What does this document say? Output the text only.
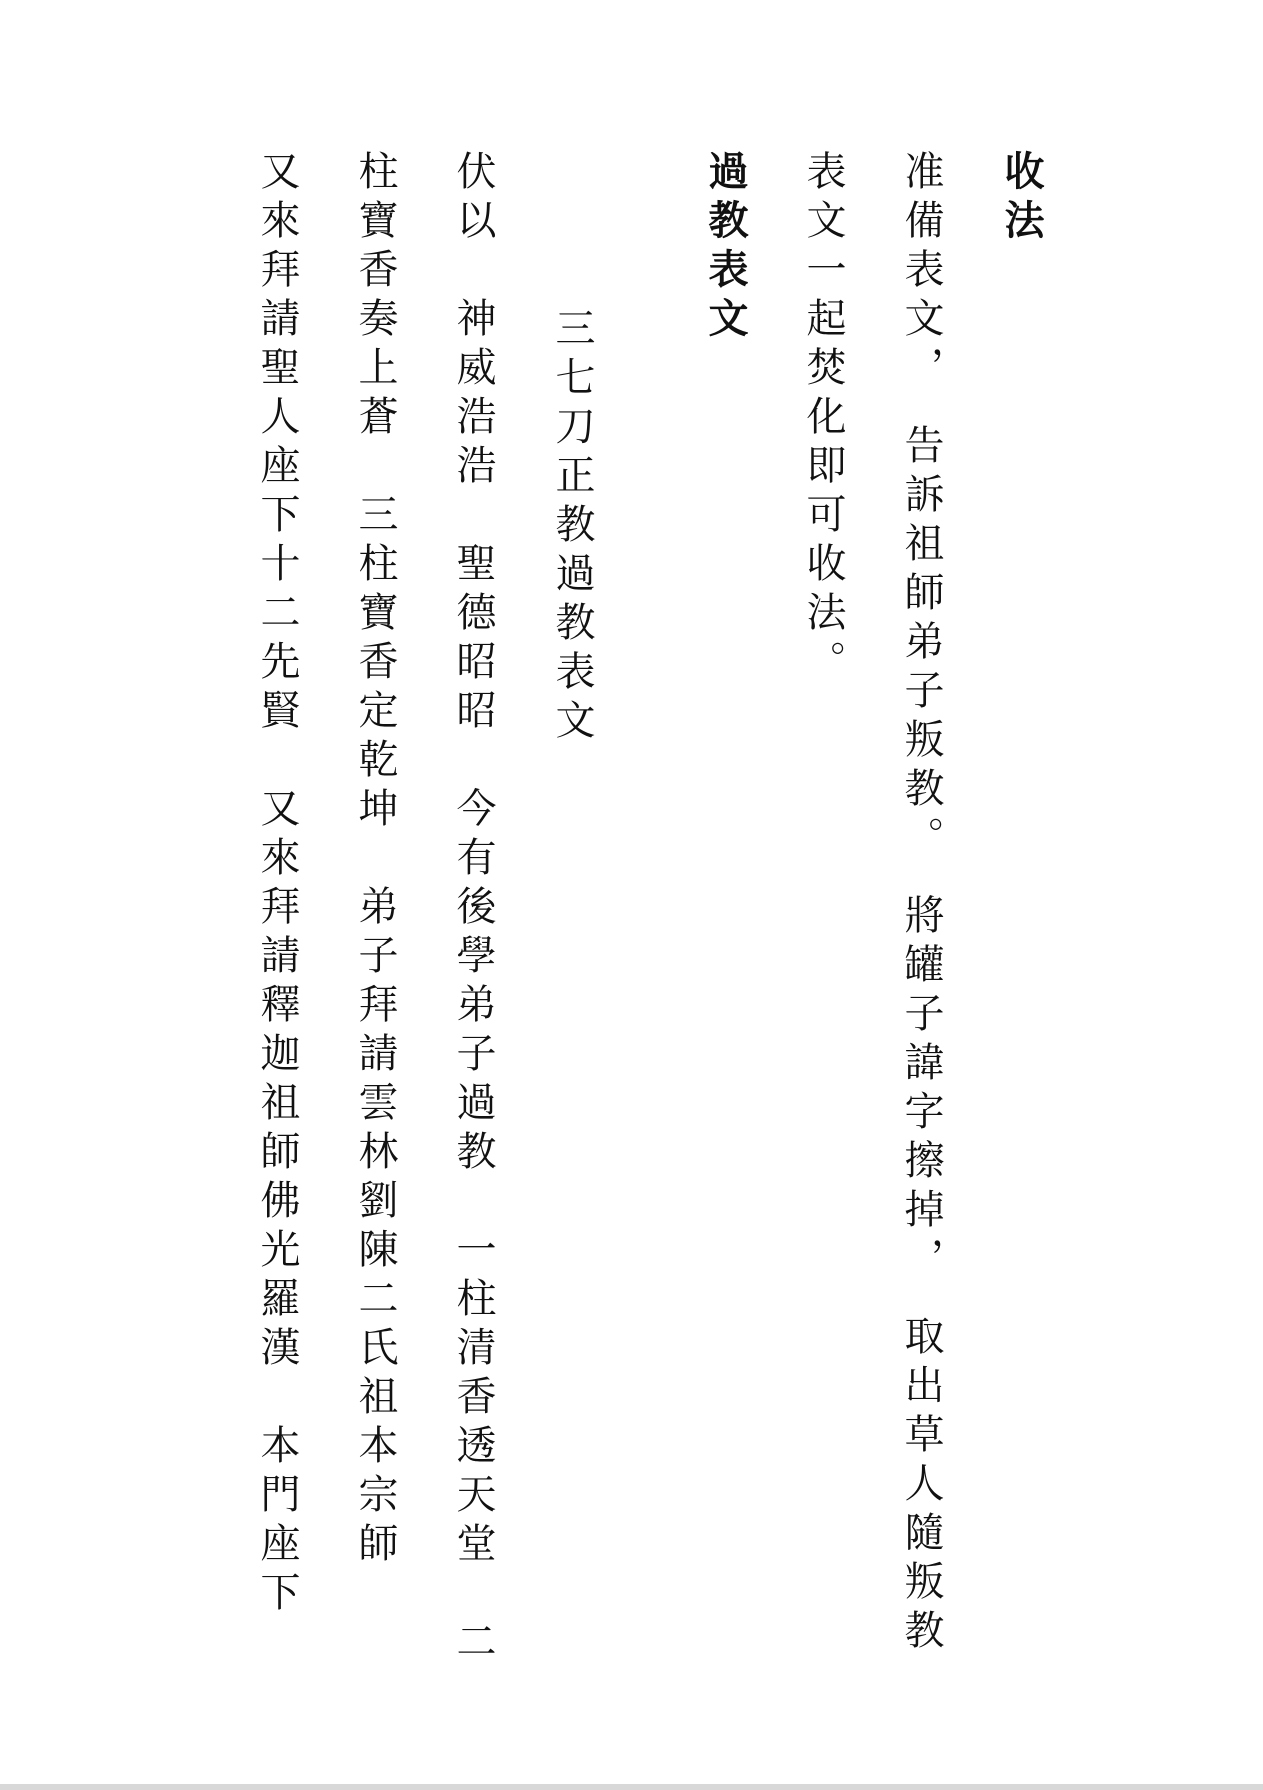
收法
准備表文，　告訴祖師弟子叛教。　將罐子諱字擦掉，　取出草人隨叛教
表文一起焚化即可收法。
過教表文
三七刀正教過教表文
伏以　神威浩浩　聖德昭昭　今有後學弟子過教　一柱清香透天堂　二
柱寶香奏上蒼　三柱寶香定乾坤　弟子拜請雲林劉陳二氏祖本宗師
又來拜請聖人座下十二先賢　又來拜請釋迦祖師佛光羅漢　本門座下
